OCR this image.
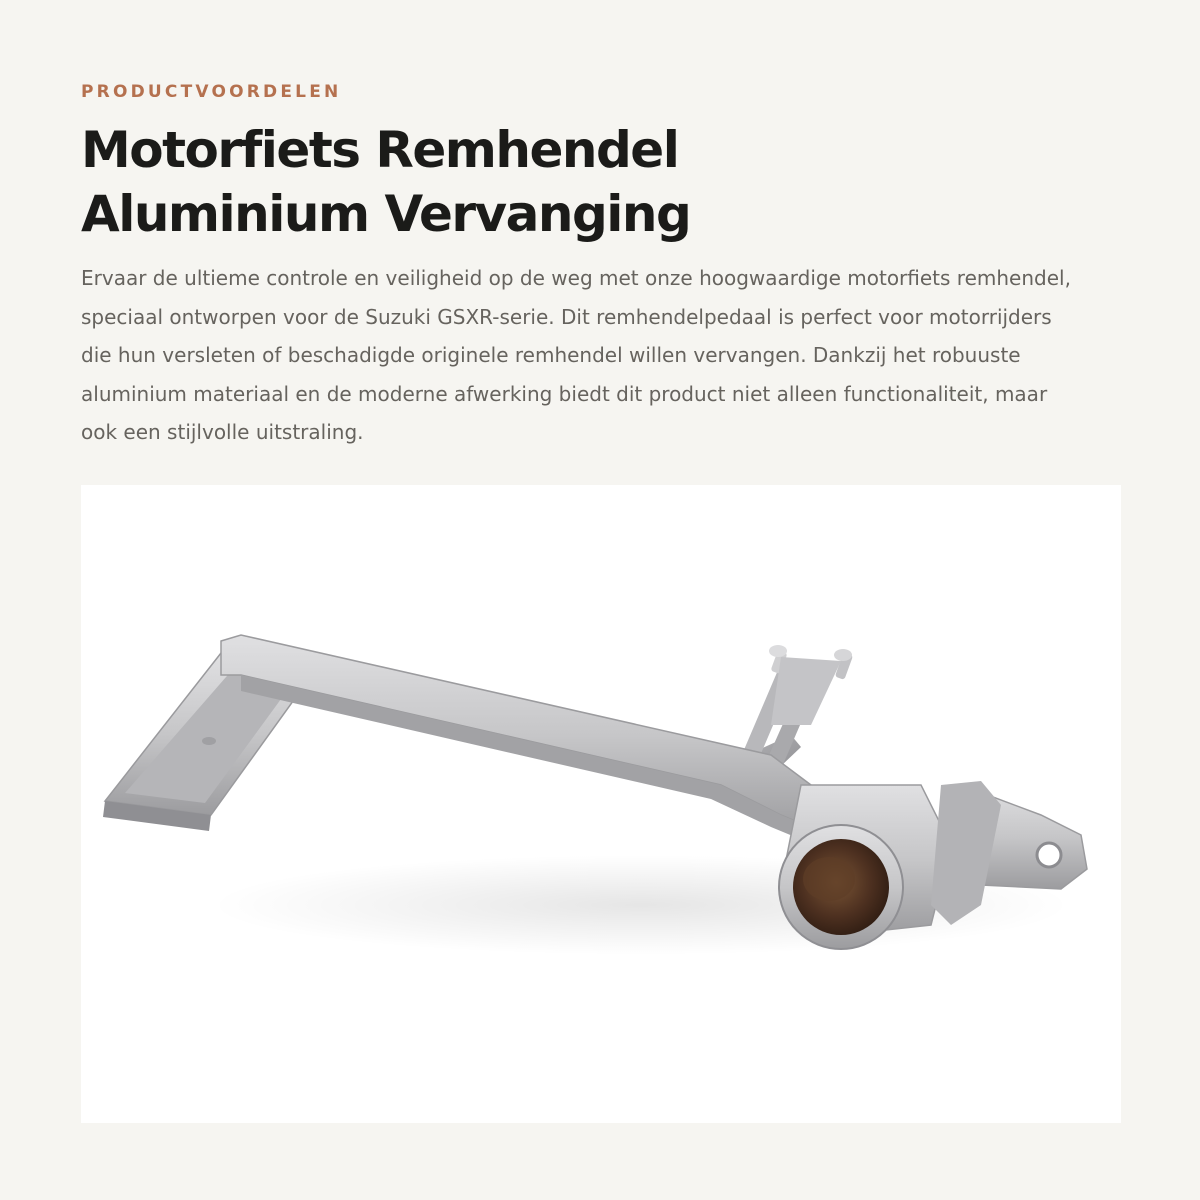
PRODUCTVOORDELEN

Motorfiets Remhendel
Aluminium Vervanging

Ervaar de ultieme controle en veiligheid op de weg met onze hoogwaardige motorfiets remhendel, speciaal ontworpen voor de Suzuki GSXR-serie. Dit remhendelpedaal is perfect voor motorrijders die hun versleten of beschadigde originele remhendel willen vervangen. Dankzij het robuuste aluminium materiaal en de moderne afwerking biedt dit product niet alleen functionaliteit, maar ook een stijlvolle uitstraling.
